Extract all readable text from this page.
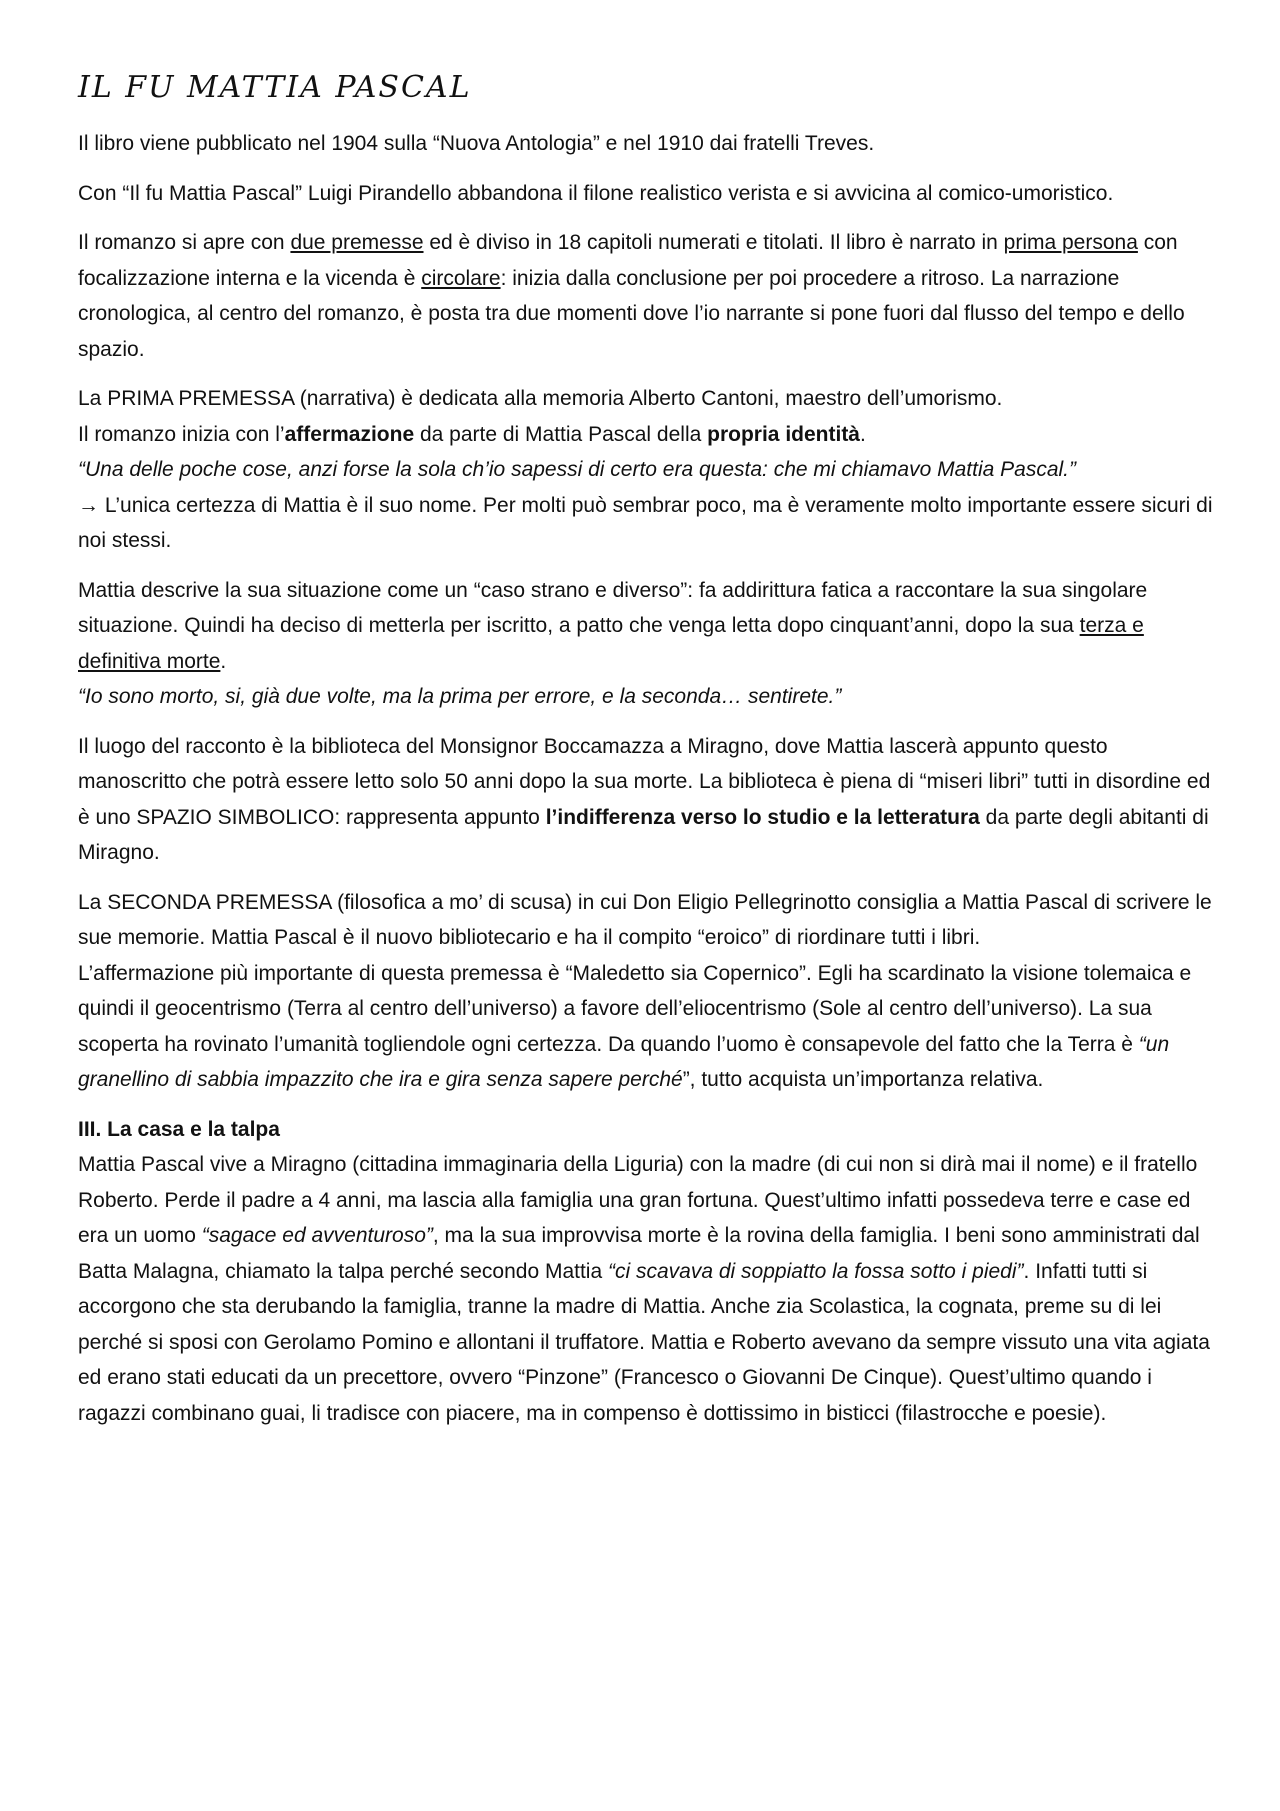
IL FU MATTIA PASCAL

Il libro viene pubblicato nel 1904 sulla “Nuova Antologia” e nel 1910 dai fratelli Treves.

Con “Il fu Mattia Pascal” Luigi Pirandello abbandona il filone realistico verista e si avvicina al comico-umoristico.

Il romanzo si apre con due premesse ed è diviso in 18 capitoli numerati e titolati. Il libro è narrato in prima persona con focalizzazione interna e la vicenda è circolare: inizia dalla conclusione per poi procedere a ritroso. La narrazione cronologica, al centro del romanzo, è posta tra due momenti dove l’io narrante si pone fuori dal flusso del tempo e dello spazio.

La PRIMA PREMESSA (narrativa) è dedicata alla memoria Alberto Cantoni, maestro dell’umorismo.
Il romanzo inizia con l’affermazione da parte di Mattia Pascal della propria identità.
“Una delle poche cose, anzi forse la sola ch’io sapessi di certo era questa: che mi chiamavo Mattia Pascal.”
→ L’unica certezza di Mattia è il suo nome. Per molti può sembrar poco, ma è veramente molto importante essere sicuri di noi stessi.

Mattia descrive la sua situazione come un “caso strano e diverso”: fa addirittura fatica a raccontare la sua singolare situazione. Quindi ha deciso di metterla per iscritto, a patto che venga letta dopo cinquant’anni, dopo la sua terza e definitiva morte.
“Io sono morto, si, già due volte, ma la prima per errore, e la seconda… sentirete.”

Il luogo del racconto è la biblioteca del Monsignor Boccamazza a Miragno, dove Mattia lascerà appunto questo manoscritto che potrà essere letto solo 50 anni dopo la sua morte. La biblioteca è piena di “miseri libri” tutti in disordine ed è uno SPAZIO SIMBOLICO: rappresenta appunto l’indifferenza verso lo studio e la letteratura da parte degli abitanti di Miragno.

La SECONDA PREMESSA (filosofica a mo’ di scusa) in cui Don Eligio Pellegrinotto consiglia a Mattia Pascal di scrivere le sue memorie. Mattia Pascal è il nuovo bibliotecario e ha il compito “eroico” di riordinare tutti i libri.
L’affermazione più importante di questa premessa è “Maledetto sia Copernico”. Egli ha scardinato la visione tolemaica e quindi il geocentrismo (Terra al centro dell’universo) a favore dell’eliocentrismo (Sole al centro dell’universo). La sua scoperta ha rovinato l’umanità togliendole ogni certezza. Da quando l’uomo è consapevole del fatto che la Terra è “un granellino di sabbia impazzito che ira e gira senza sapere perché”, tutto acquista un’importanza relativa.

III. La casa e la talpa
Mattia Pascal vive a Miragno (cittadina immaginaria della Liguria) con la madre (di cui non si dirà mai il nome) e il fratello Roberto. Perde il padre a 4 anni, ma lascia alla famiglia una gran fortuna. Quest’ultimo infatti possedeva terre e case ed era un uomo “sagace ed avventuroso”, ma la sua improvvisa morte è la rovina della famiglia. I beni sono amministrati dal Batta Malagna, chiamato la talpa perché secondo Mattia “ci scavava di soppiatto la fossa sotto i piedi”. Infatti tutti si accorgono che sta derubando la famiglia, tranne la madre di Mattia. Anche zia Scolastica, la cognata, preme su di lei perché si sposi con Gerolamo Pomino e allontani il truffatore. Mattia e Roberto avevano da sempre vissuto una vita agiata ed erano stati educati da un precettore, ovvero “Pinzone” (Francesco o Giovanni De Cinque). Quest’ultimo quando i ragazzi combinano guai, li tradisce con piacere, ma in compenso è dottissimo in bisticci (filastrocche e poesie).
